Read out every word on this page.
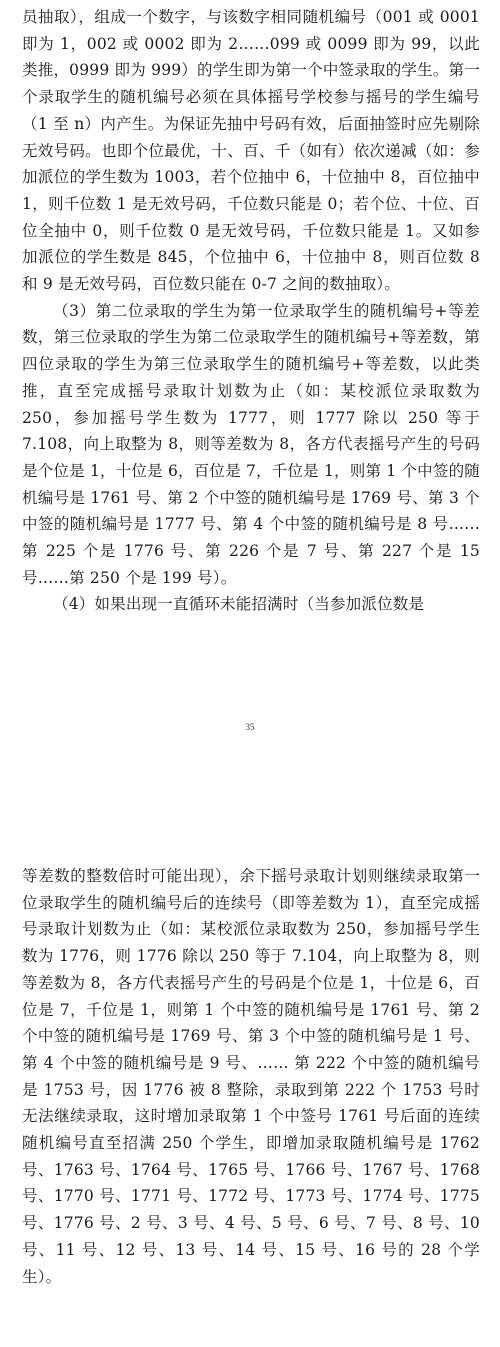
员抽取），组成一个数字，与该数字相同随机编号（001 或 0001 即为 1，002 或 0002 即为 2……099 或 0099 即为 99，以此类推，0999 即为 999）的学生即为第一个中签录取的学生。第一个录取学生的随机编号必须在具体摇号学校参与摇号的学生编号（1 至 n）内产生。为保证先抽中号码有效，后面抽签时应先剔除无效号码。也即个位最优，十、百、千（如有）依次递减（如：参加派位的学生数为 1003，若个位抽中 6，十位抽中 8，百位抽中 1，则千位数 1 是无效号码，千位数只能是 0；若个位、十位、百位全抽中 0，则千位数 0 是无效号码，千位数只能是 1。又如参加派位的学生数是 845，个位抽中 6，十位抽中 8，则百位数 8 和 9 是无效号码，百位数只能在 0-7 之间的数抽取）。

（3）第二位录取的学生为第一位录取学生的随机编号+等差数，第三位录取的学生为第二位录取学生的随机编号+等差数，第四位录取的学生为第三位录取学生的随机编号+等差数，以此类推，直至完成摇号录取计划数为止（如：某校派位录取数为 250，参加摇号学生数为 1777，则 1777 除以 250 等于 7.108，向上取整为 8，则等差数为 8，各方代表摇号产生的号码是个位是 1，十位是 6，百位是 7，千位是 1，则第 1 个中签的随机编号是 1761 号、第 2 个中签的随机编号是 1769 号、第 3 个中签的随机编号是 1777 号、第 4 个中签的随机编号是 8 号……第 225 个是 1776 号、第 226 个是 7 号、第 227 个是 15 号……第 250 个是 199 号）。

（4）如果出现一直循环未能招满时（当参加派位数是

35

等差数的整数倍时可能出现），余下摇号录取计划则继续录取第一位录取学生的随机编号后的连续号（即等差数为 1），直至完成摇号录取计划数为止（如：某校派位录取数为 250，参加摇号学生数为 1776，则 1776 除以 250 等于 7.104，向上取整为 8，则等差数为 8，各方代表摇号产生的号码是个位是 1，十位是 6，百位是 7，千位是 1，则第 1 个中签的随机编号是 1761 号、第 2 个中签的随机编号是 1769 号、第 3 个中签的随机编号是 1 号、第 4 个中签的随机编号是 9 号、…… 第 222 个中签的随机编号是 1753 号，因 1776 被 8 整除，录取到第 222 个 1753 号时无法继续录取，这时增加录取第 1 个中签号 1761 号后面的连续随机编号直至招满 250 个学生，即增加录取随机编号是 1762 号、1763 号、1764 号、1765 号、1766 号、1767 号、1768 号、1770 号、1771 号、1772 号、1773 号、1774 号、1775 号、1776 号、2 号、3 号、4 号、5 号、6 号、7 号、8 号、10 号、11 号、12 号、13 号、14 号、15 号、16 号的 28 个学生）。
